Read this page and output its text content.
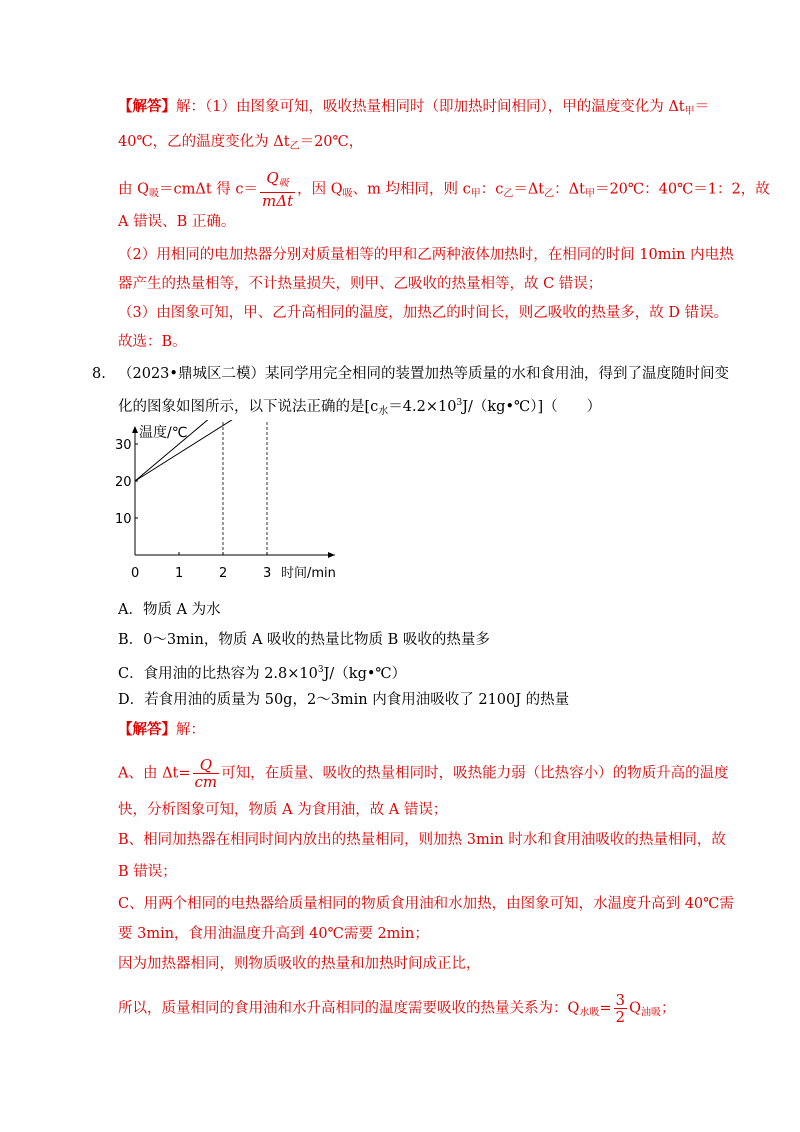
【解答】解：（1）由图象可知，吸收热量相同时（即加热时间相同），甲的温度变化为 $\Delta t_甲=$
40℃，乙的温度变化为 $\Delta t_乙=20℃$，
由 $Q_吸=cm\Delta t$ 得 $c= \frac{Q_吸}{\text{mΔt}}$ ，因 $Q_吸$、m 均相同，则 $c_甲$：$c_乙=\Delta t_乙$：$\Delta t_甲=20℃$：40℃＝1：2，故
A 错误、B 正确。
（2）用相同的电加热器分别对质量相等的甲和乙两种液体加热时，在相同的时间 10min 内电热
器产生的热量相等，不计热量损失，则甲、乙吸收的热量相等，故 C 错误；
（3）由图象可知，甲、乙升高相同的温度，加热乙的时间长，则乙吸收的热量多，故 D 错误。
故选：B。
8. （2023•鼎城区二模）某同学用完全相同的装置加热等质量的水和食用油，得到了温度随时间变
化的图象如图所示，以下说法正确的是$[c_水=4.2\times 10^3J/(kg•℃)]$（　　）
温度/℃
时间/min
0	1	2	3
10
20
30
A．物质 A 为水
B．0～3min，物质 A 吸收的热量比物质 B 吸收的热量多
C．食用油的比热容为 $2.8\times 10^3J/(kg•℃)$
D．若食用油的质量为 50g，2～3min 内食用油吸收了 2100J 的热量
【解答】解：
A、由 $\Delta t= \frac{Q}{cm}$ 可知，在质量、吸收的热量相同时，吸热能力弱（比热容小）的物质升高的温度
快，分析图象可知，物质 A 为食用油，故 A 错误；
B、相同加热器在相同时间内放出的热量相同，则加热 3min 时水和食用油吸收的热量相同，故
B 错误；
C、用两个相同的电热器给质量相同的物质食用油和水加热，由图象可知，水温度升高到 40℃需
要 3min，食用油温度升高到 40℃需要 2min；
因为加热器相同，则物质吸收的热量和加热时间成正比，
所以，质量相同的食用油和水升高相同的温度需要吸收的热量关系为：$Q_{水吸}= \frac{3}{2} Q_{油吸}$；
